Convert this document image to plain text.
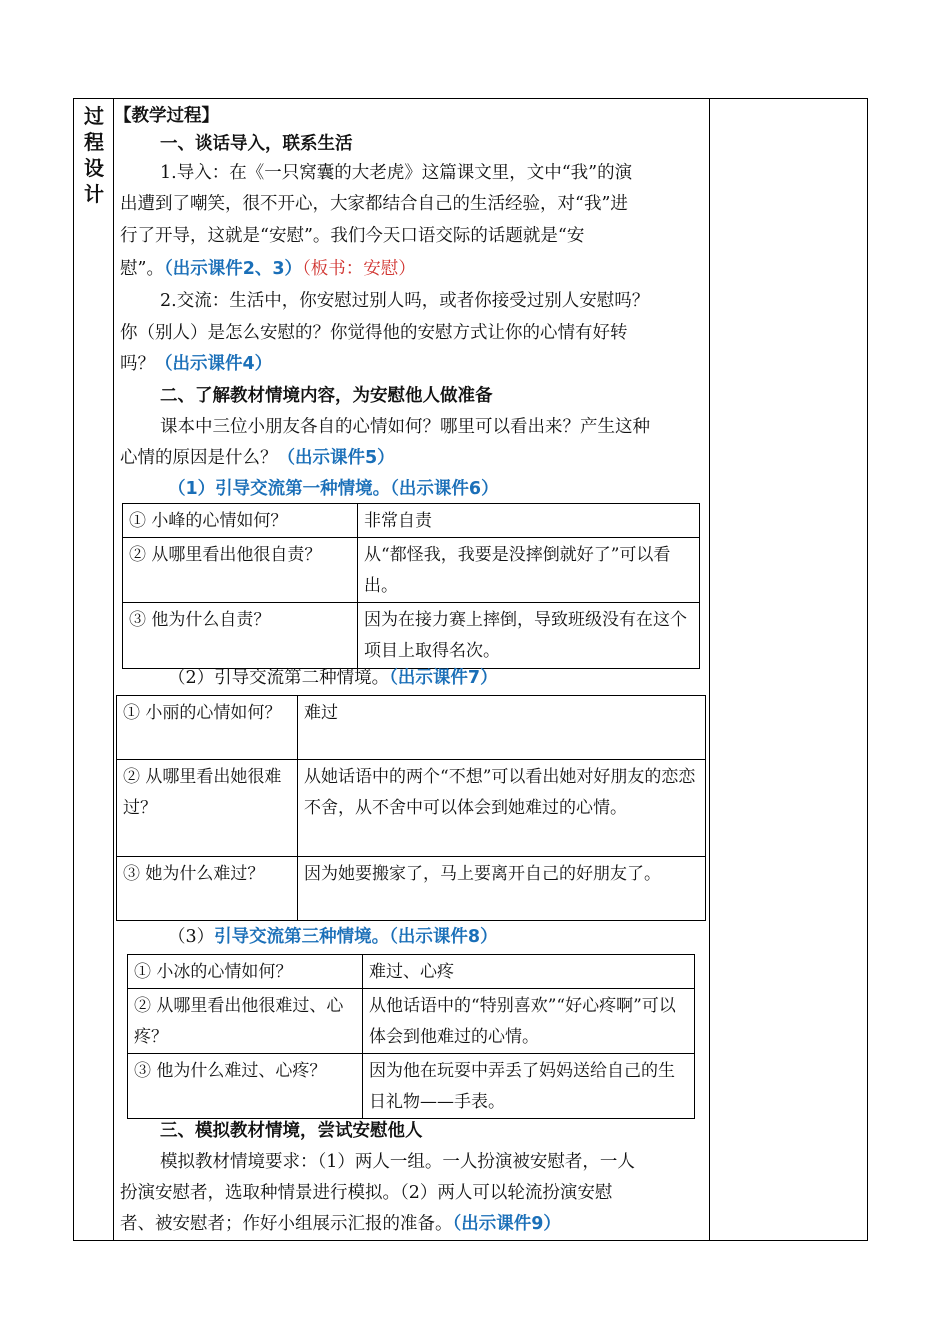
过
程
设
计
【教学过程】
一、谈话导入，联系生活
1.导入：在《一只窝囊的大老虎》这篇课文里，文中“我”的演
出遭到了嘲笑，很不开心，大家都结合自己的生活经验，对“我”进
行了开导，这就是“安慰”。我们今天口语交际的话题就是“安
慰”。（出示课件2、3）（板书：安慰）
2.交流：生活中，你安慰过别人吗，或者你接受过别人安慰吗？
你（别人）是怎么安慰的？你觉得他的安慰方式让你的心情有好转
吗？（出示课件4）
二、了解教材情境内容，为安慰他人做准备
课本中三位小朋友各自的心情如何？哪里可以看出来？产生这种
心情的原因是什么？（出示课件5）
（1）引导交流第一种情境。（出示课件6）
① 小峰的心情如何？	非常自责
② 从哪里看出他很自责？	从“都怪我，我要是没摔倒就好了”可以看出。
③ 他为什么自责？	因为在接力赛上摔倒，导致班级没有在这个项目上取得名次。
（2）引导交流第二种情境。（出示课件7）
① 小丽的心情如何？	难过
② 从哪里看出她很难过？	从她话语中的两个“不想”可以看出她对好朋友的恋恋不舍，从不舍中可以体会到她难过的心情。
③ 她为什么难过？	因为她要搬家了，马上要离开自己的好朋友了。
（3）引导交流第三种情境。（出示课件8）
① 小冰的心情如何？	难过、心疼
② 从哪里看出他很难过、心疼？	从他话语中的“特别喜欢”“好心疼啊”可以体会到他难过的心情。
③ 他为什么难过、心疼？	因为他在玩耍中弄丢了妈妈送给自己的生日礼物——手表。
三、模拟教材情境，尝试安慰他人
模拟教材情境要求：（1）两人一组。一人扮演被安慰者，一人
扮演安慰者，选取种情景进行模拟。（2）两人可以轮流扮演安慰
者、被安慰者；作好小组展示汇报的准备。（出示课件9）
